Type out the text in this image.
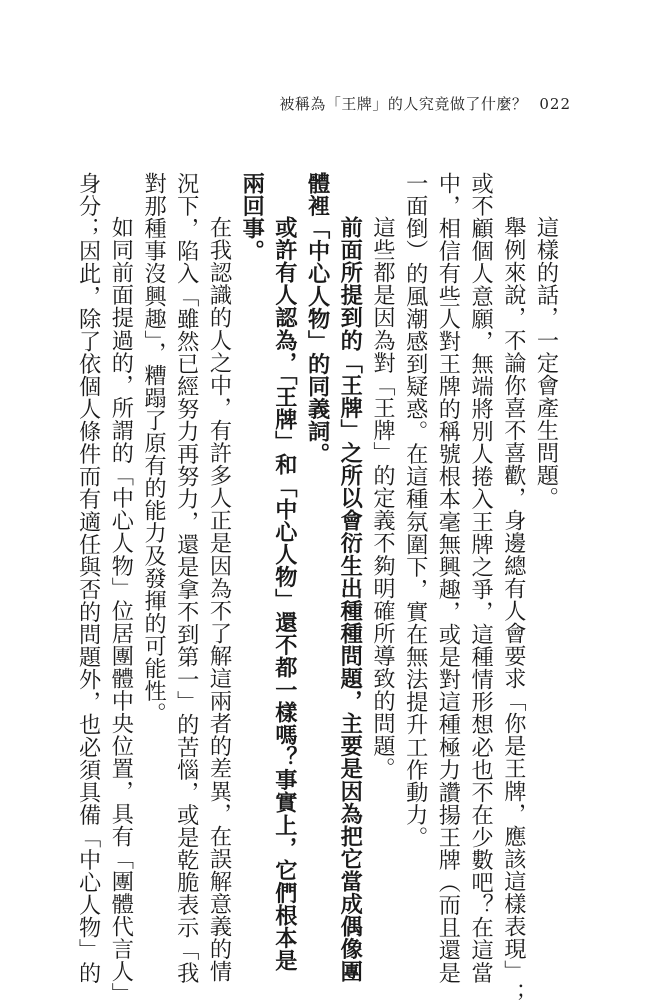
被稱為「王牌」的人究竟做了什麼？ 022

這樣的話，一定會產生問題。

舉例來說，不論你喜不喜歡，身邊總有人會要求「你是王牌，應該這樣表現」；
或不顧個人意願，無端將別人捲入王牌之爭，這種情形想必也不在少數吧？在這當
中，相信有些人對王牌的稱號根本毫無興趣，或是對這種極力讚揚王牌（而且還是
一面倒）的風潮感到疑惑。在這種氛圍下，實在無法提升工作動力。

這些都是因為對「王牌」的定義不夠明確所導致的問題。

前面所提到的「王牌」之所以會衍生出種種問題，主要是因為把它當成偶像團
體裡「中心人物」的同義詞。

或許有人認為，「王牌」和「中心人物」還不都一樣嗎？事實上，它們根本是
兩回事。

在我認識的人之中，有許多人正是因為不了解這兩者的差異，在誤解意義的情
況下，陷入「雖然已經努力再努力，還是拿不到第一」的苦惱，或是乾脆表示「我
對那種事沒興趣」，糟蹋了原有的能力及發揮的可能性。

如同前面提過的，所謂的「中心人物」位居團體中央位置，具有「團體代言人」
身分；因此，除了依個人條件而有適任與否的問題外，也必須具備「中心人物」的
